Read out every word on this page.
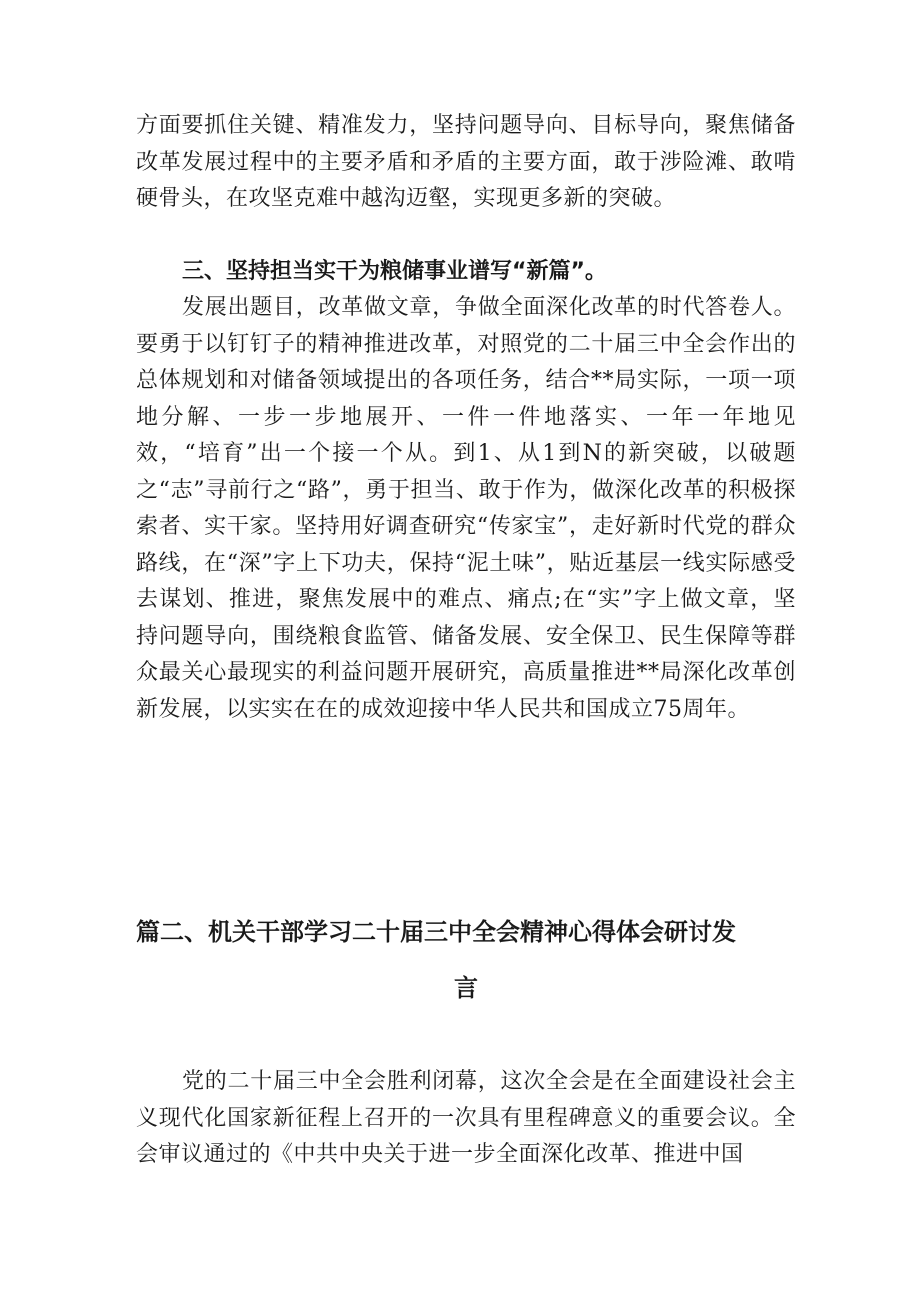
方面要抓住关键、精准发力，坚持问题导向、目标导向，聚焦储备改革发展过程中的主要矛盾和矛盾的主要方面，敢于涉险滩、敢啃硬骨头，在攻坚克难中越沟迈壑，实现更多新的突破。

三、坚持担当实干为粮储事业谱写“新篇”。

发展出题目，改革做文章，争做全面深化改革的时代答卷人。要勇于以钉钉子的精神推进改革，对照党的二十届三中全会作出的总体规划和对储备领域提出的各项任务，结合**局实际，一项一项地分解、一步一步地展开、一件一件地落实、一年一年地见效，“培育”出一个接一个从。到1、从1到N的新突破，以破题之“志”寻前行之“路”，勇于担当、敢于作为，做深化改革的积极探索者、实干家。坚持用好调查研究“传家宝”，走好新时代党的群众路线，在“深”字上下功夫，保持“泥土味”，贴近基层一线实际感受去谋划、推进，聚焦发展中的难点、痛点;在“实”字上做文章，坚持问题导向，围绕粮食监管、储备发展、安全保卫、民生保障等群众最关心最现实的利益问题开展研究，高质量推进**局深化改革创新发展，以实实在在的成效迎接中华人民共和国成立75周年。

篇二、机关干部学习二十届三中全会精神心得体会研讨发

言

党的二十届三中全会胜利闭幕，这次全会是在全面建设社会主义现代化国家新征程上召开的一次具有里程碑意义的重要会议。全会审议通过的《中共中央关于进一步全面深化改革、推进中国
